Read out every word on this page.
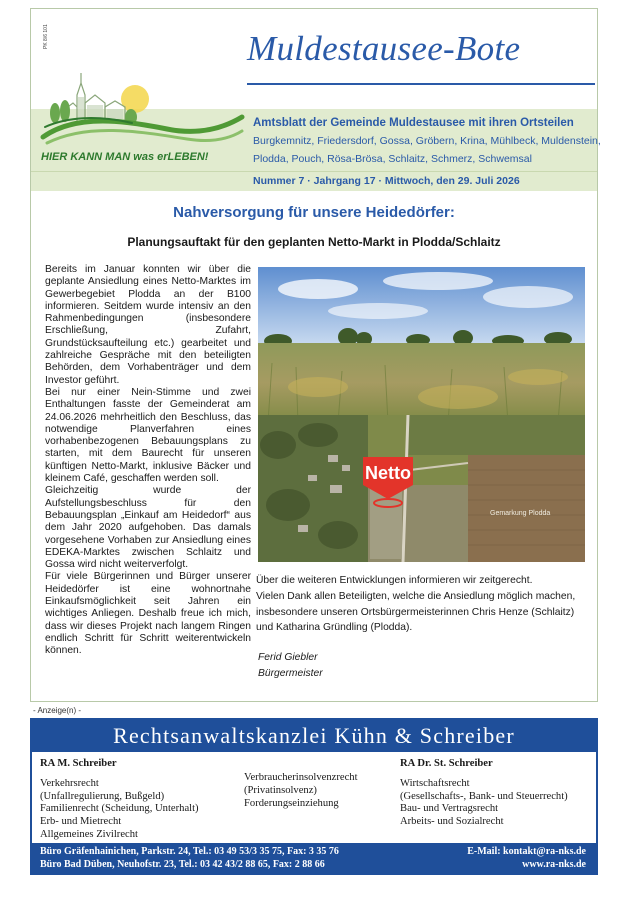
PK 8/6 101
HIER KANN MAN was erLEBEN!
Muldestausee-Bote
Amtsblatt der Gemeinde Muldestausee mit ihren Ortsteilen
Burgkemnitz, Friedersdorf, Gossa, Gröbern, Krina, Mühlbeck, Muldenstein,
Plodda, Pouch, Rösa-Brösa, Schlaitz, Schmerz, Schwemsal
Nummer 7 · Jahrgang 17 · Mittwoch, den 29. Juli 2026
Nahversorgung für unsere Heidedörfer:
Planungsauftakt für den geplanten Netto-Markt in Plodda/Schlaitz

Bereits im Januar konnten wir über die geplante Ansiedlung eines Netto-Marktes im Gewerbegebiet Plodda an der B100 informieren. Seitdem wurde intensiv an den Rahmenbedingungen (insbesondere Erschließung, Zufahrt, Grundstücksaufteilung etc.) gearbeitet und zahlreiche Gespräche mit den beteiligten Behörden, dem Vorhabenträger und dem Investor geführt.

Bei nur einer Nein-Stimme und zwei Enthaltungen fasste der Gemeinderat am 24.06.2026 mehrheitlich den Beschluss, das notwendige Planverfahren eines vorhabenbezogenen Bebauungsplans zu starten, mit dem Baurecht für unseren künftigen Netto-Markt, inklusive Bäcker und kleinem Café, geschaffen werden soll.

Gleichzeitig wurde der Aufstellungsbeschluss für den Bebauungsplan „Einkauf am Heidedorf“ aus dem Jahr 2020 aufgehoben. Das damals vorgesehene Vorhaben zur Ansiedlung eines EDEKA-Marktes zwischen Schlaitz und Gossa wird nicht weiterverfolgt.

Für viele Bürgerinnen und Bürger unserer Heidedörfer ist eine wohnortnahe Einkaufsmöglichkeit seit Jahren ein wichtiges Anliegen. Deshalb freue ich mich, dass wir dieses Projekt nach langem Ringen endlich Schritt für Schritt weiterentwickeln können.

Netto
Gemarkung Plodda

Über die weiteren Entwicklungen informieren wir zeitgerecht.

Vielen Dank allen Beteiligten, welche die Ansiedlung möglich machen, insbesondere unseren Ortsbürgermeisterinnen Chris Henze (Schlaitz) und Katharina Gründling (Plodda).

Ferid Giebler
Bürgermeister
- Anzeige(n) -
Rechtsanwaltskanzlei Kühn & Schreiber
RA M. Schreiber
Verkehrsrecht
(Unfallregulierung, Bußgeld)
Familienrecht (Scheidung, Unterhalt)
Erb- und Mietrecht
Allgemeines Zivilrecht
Verbraucherinsolvenzrecht
(Privatinsolvenz)
Forderungseinziehung
RA Dr. St. Schreiber
Wirtschaftsrecht
(Gesellschafts-, Bank- und Steuerrecht)
Bau- und Vertragsrecht
Arbeits- und Sozialrecht
Büro Gräfenhainichen, Parkstr. 24, Tel.: 03 49 53/3 35 75, Fax: 3 35 76
Büro Bad Düben, Neuhofstr. 23, Tel.: 03 42 43/2 88 65, Fax: 2 88 66
E-Mail: kontakt@ra-nks.de
www.ra-nks.de
